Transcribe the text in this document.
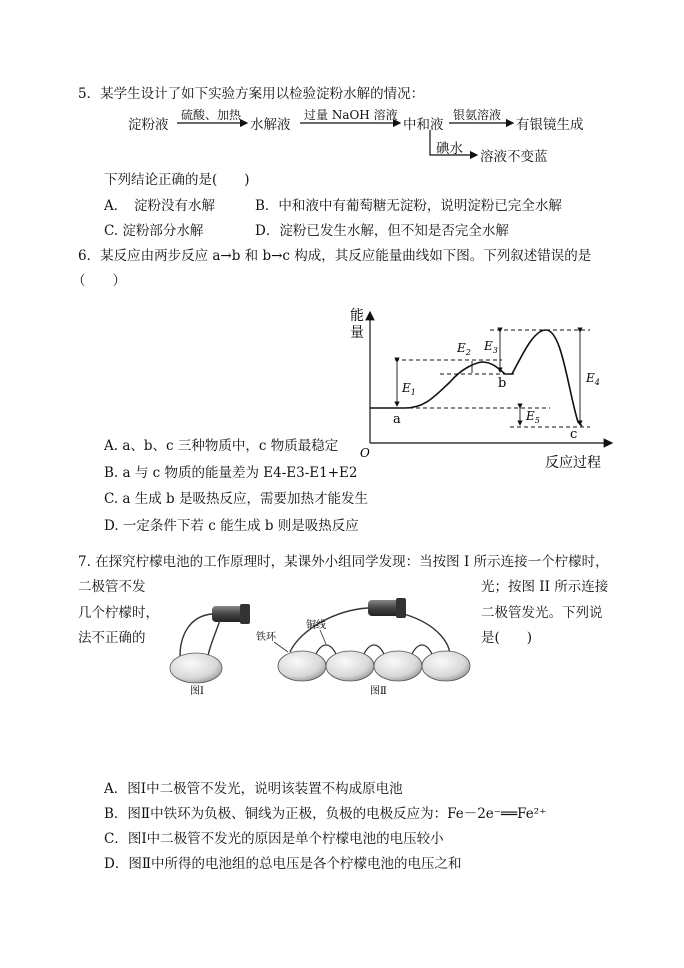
5．某学生设计了如下实验方案用以检验淀粉水解的情况：
淀粉液
硫酸、加热
水解液
过量 NaOH 溶液
中和液
银氨溶液
有银镜生成
碘水 溶液不变蓝
下列结论正确的是(　　)
A．　淀粉没有水解	B．中和液中有葡萄糖无淀粉，说明淀粉已完全水解
C. 淀粉部分水解	D．淀粉已发生水解，但不知是否完全水解
6．某反应由两步反应 a→b 和 b→c 构成，其反应能量曲线如下图。下列叙述错误的是
（　　）
能
量
O
反应过程
$E_1$
$E_2$ $E_3$
$E_4$
$E_5$
a
b
c
A. a、b、c 三种物质中，c 物质最稳定
B. a 与 c 物质的能量差为 E4-E3-E1+E2
C. a 生成 b 是吸热反应，需要加热才能发生
D. 一定条件下若 c 能生成 b 则是吸热反应
7. 在探究柠檬电池的工作原理时，某课外小组同学发现：当按图 I 所示连接一个柠檬时，
二极管不发	光；按图 II 所示连接
几个柠檬时，	二极管发光。下列说
法不正确的	是(　　)
图Ⅰ
铁环
铜线
图Ⅱ
A．图Ⅰ中二极管不发光，说明该装置不构成原电池
B．图Ⅱ中铁环为负极、铜线为正极，负极的电极反应为：Fe－2e⁻══Fe²⁺
C．图Ⅰ中二极管不发光的原因是单个柠檬电池的电压较小
D．图Ⅱ中所得的电池组的总电压是各个柠檬电池的电压之和
